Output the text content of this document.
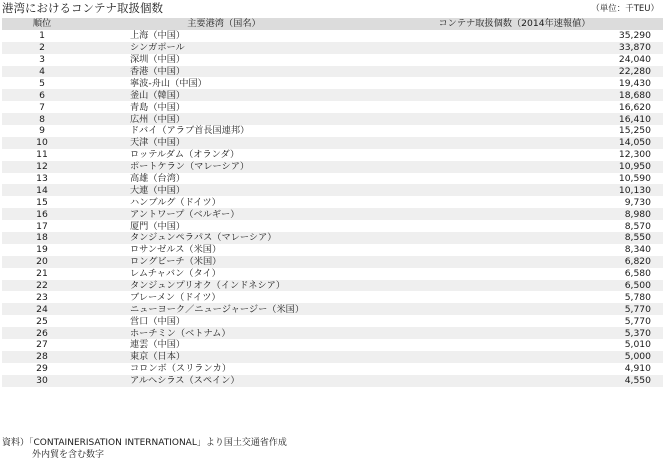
港湾におけるコンテナ取扱個数	（単位：千TEU）
順位	主要港湾（国名）	コンテナ取扱個数（2014年速報値）
1	上海（中国）	35,290
2	シンガポール	33,870
3	深圳（中国）	24,040
4	香港（中国）	22,280
5	寧波-舟山（中国）	19,430
6	釜山（韓国）	18,680
7	青島（中国）	16,620
8	広州（中国）	16,410
9	ドバイ（アラブ首長国連邦）	15,250
10	天津（中国）	14,050
11	ロッテルダム（オランダ）	12,300
12	ポートケラン（マレーシア）	10,950
13	高雄（台湾）	10,590
14	大連（中国）	10,130
15	ハンブルグ（ドイツ）	9,730
16	アントワープ（ベルギー）	8,980
17	厦門（中国）	8,570
18	タンジュンペラパス（マレーシア）	8,550
19	ロサンゼルス（米国）	8,340
20	ロングビーチ（米国）	6,820
21	レムチャバン（タイ）	6,580
22	タンジュンプリオク（インドネシア）	6,500
23	ブレーメン（ドイツ）	5,780
24	ニューヨーク／ニュージャージー（米国）	5,770
25	営口（中国）	5,770
26	ホーチミン（ベトナム）	5,370
27	連雲（中国）	5,010
28	東京（日本）	5,000
29	コロンボ（スリランカ）	4,910
30	アルヘシラス（スペイン）	4,550
資料）「CONTAINERISATION INTERNATIONAL」より国土交通省作成
外内貿を含む数字
